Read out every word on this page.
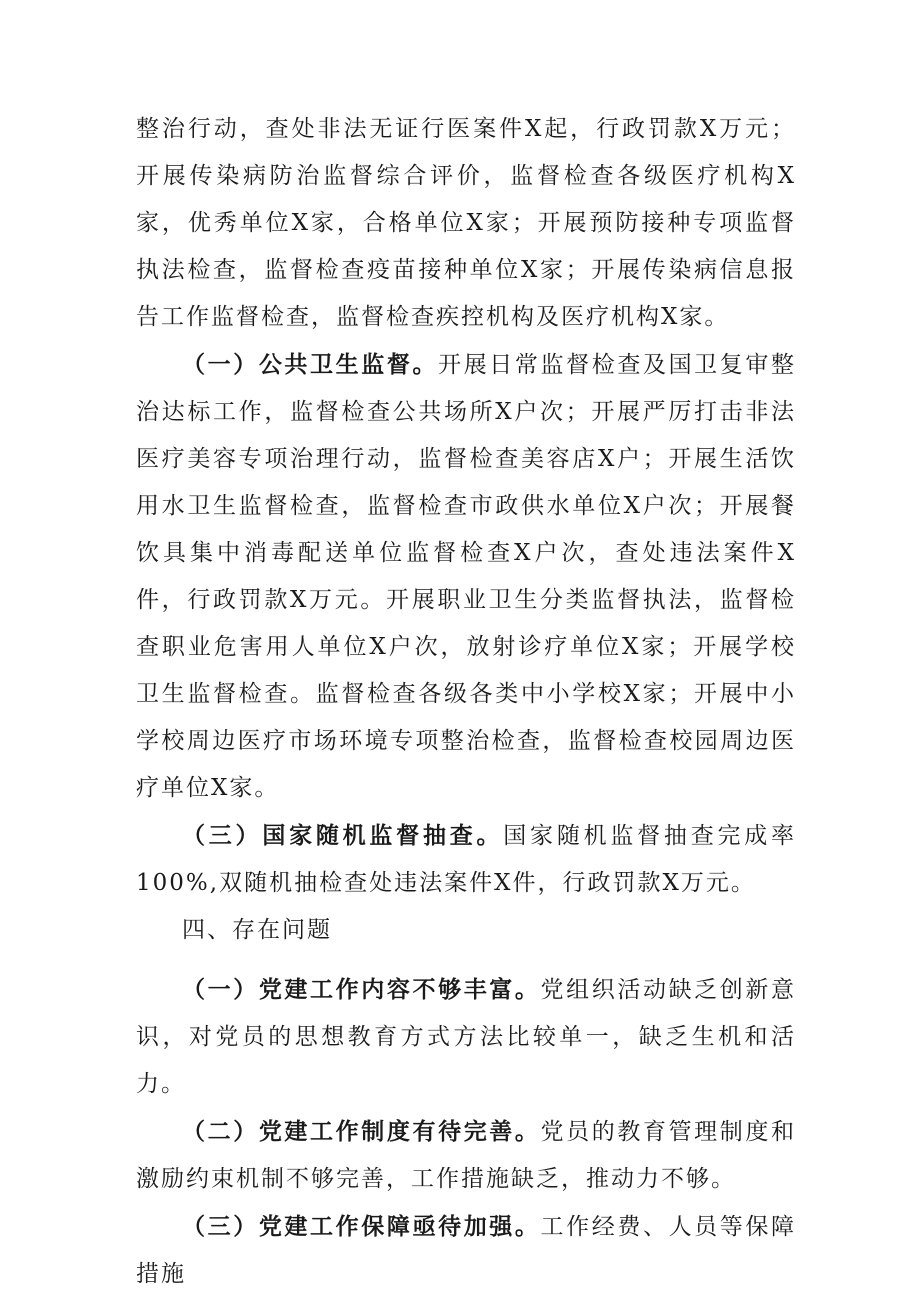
整治行动，查处非法无证行医案件X起，行政罚款X万元；开展传染病防治监督综合评价，监督检查各级医疗机构X家，优秀单位X家，合格单位X家；开展预防接种专项监督执法检查，监督检查疫苗接种单位X家；开展传染病信息报告工作监督检查，监督检查疾控机构及医疗机构X家。

（一）公共卫生监督。开展日常监督检查及国卫复审整治达标工作，监督检查公共场所X户次；开展严厉打击非法医疗美容专项治理行动，监督检查美容店X户；开展生活饮用水卫生监督检查，监督检查市政供水单位X户次；开展餐饮具集中消毒配送单位监督检查X户次，查处违法案件X件，行政罚款X万元。开展职业卫生分类监督执法，监督检查职业危害用人单位X户次，放射诊疗单位X家；开展学校卫生监督检查。监督检查各级各类中小学校X家；开展中小学校周边医疗市场环境专项整治检查，监督检查校园周边医疗单位X家。

（三）国家随机监督抽查。国家随机监督抽查完成率100%,双随机抽检查处违法案件X件，行政罚款X万元。

四、存在问题

（一）党建工作内容不够丰富。党组织活动缺乏创新意识，对党员的思想教育方式方法比较单一，缺乏生机和活力。

（二）党建工作制度有待完善。党员的教育管理制度和激励约束机制不够完善，工作措施缺乏，推动力不够。

（三）党建工作保障亟待加强。工作经费、人员等保障措施
